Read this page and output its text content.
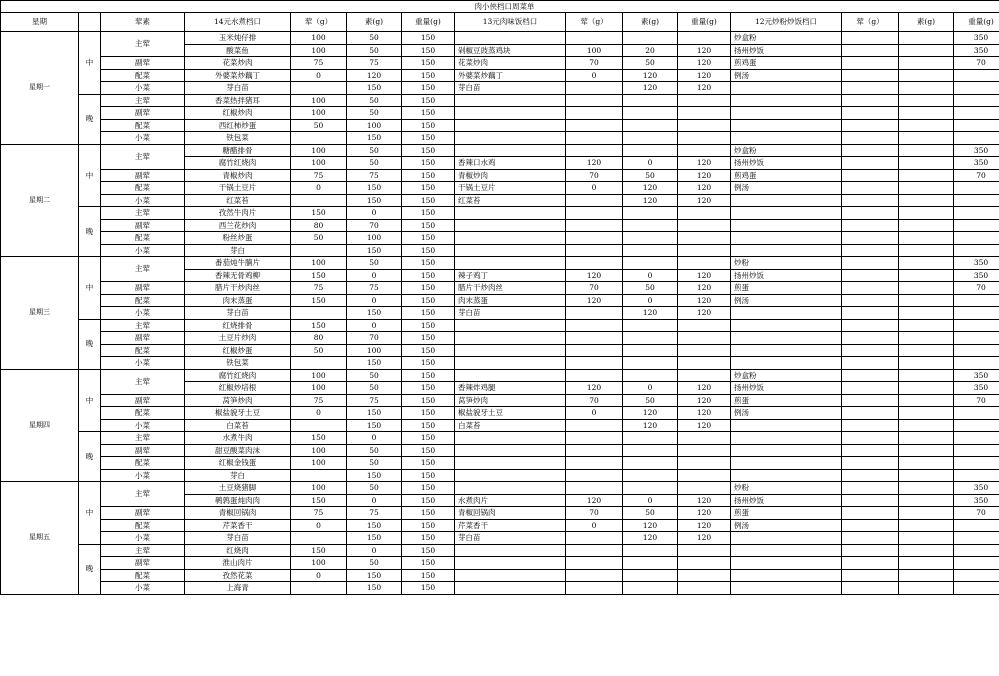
肉小侠档口周菜单														
星期		荤素	14元水煮档口	荤（g）	素(g)	重量(g)	13元肉味饭档口	荤（g）	素(g)	重量(g)	12元炒粉炒饭档口	荤（g）	素(g)	重量(g)
星期一	中	主荤	玉米炖仔排	100	50	150					炒盒粉			350
			酸菜鱼	100	50	150	剁椒豆豉蒸鸡块	100	20	120	扬州炒饭			350
		副荤	花菜炒肉	75	75	150	花菜炒肉	70	50	120	煎鸡蛋			70
		配菜	外婆菜炒藕丁	0	120	150	外婆菜炒藕丁	0	120	120	例汤			
		小菜	芽白苗		150	150	芽白苗		120	120				
	晚	主荤	香菜热拌猪耳	100	50	150								
		副荤	红椒炒肉	100	50	150								
		配菜	西红柿炒蛋	50	100	150								
		小菜	铁包菜		150	150								
星期二	中	主荤	糖醋排骨	100	50	150					炒盒粉			350
			腐竹红烧肉	100	50	150	香辣口水鸡	120	0	120	扬州炒饭			350
		副荤	青椒炒肉	75	75	150	青椒炒肉	70	50	120	煎鸡蛋			70
		配菜	干锅土豆片	0	150	150	干锅土豆片	0	120	120	例汤			
		小菜	红菜苔		150	150	红菜苔		120	120				
	晚	主荤	孜然牛肉片	150	0	150								
		副荤	西兰花炒肉	80	70	150								
		配菜	粉丝炒蛋	50	100	150								
		小菜	芽白		150	150								
星期三	中	主荤	番茄炖牛腩片	100	50	150					炒粉			350
			香辣无骨鸡柳	150	0	150	辣子鸡丁	120	0	120	扬州炒饭			350
		副荤	腊片干炒肉丝	75	75	150	腊片干炒肉丝	70	50	120	煎蛋			70
		配菜	肉末蒸蛋	150	0	150	肉末蒸蛋	120	0	120	例汤			
		小菜	芽白苗		150	150	芽白苗		120	120				
	晚	主荤	红烧排骨	150	0	150								
		副荤	土豆片炒肉	80	70	150								
		配菜	红椒炒蛋	50	100	150								
		小菜	铁包菜		150	150								
星期四	中	主荤	腐竹红烧肉	100	50	150					炒盒粉			350
			红椒炒培根	100	50	150	香辣炸鸡腿	120	0	120	扬州炒饭			350
		副荤	莴笋炒肉	75	75	150	莴笋炒肉	70	50	120	煎蛋			70
		配菜	椒盐貌牙土豆	0	150	150	椒盐貌牙土豆	0	120	120	例汤			
		小菜	白菜苔		150	150	白菜苔		120	120				
	晚	主荤	水煮牛肉	150	0	150								
		副荤	甜豆酸菜肉沫	100	50	150								
		配菜	红椒金钱蛋	100	50	150								
		小菜	芽白		150	150								
星期五	中	主荤	土豆烧猪脚	100	50	150					炒粉			350
			鹌鹑蛋炖肉肉	150	0	150	水煮肉片	120	0	120	扬州炒饭			350
		副荤	青椒回锅肉	75	75	150	青椒回锅肉	70	50	120	煎蛋			70
		配菜	芹菜香干	0	150	150	芹菜香干	0	120	120	例汤			
		小菜	芽白苗		150	150	芽白苗		120	120				
	晚	主荤	红烧肉	150	0	150								
		副荤	淮山肉片	100	50	150								
		配菜	孜然花菜	0	150	150								
		小菜	上海青		150	150								
